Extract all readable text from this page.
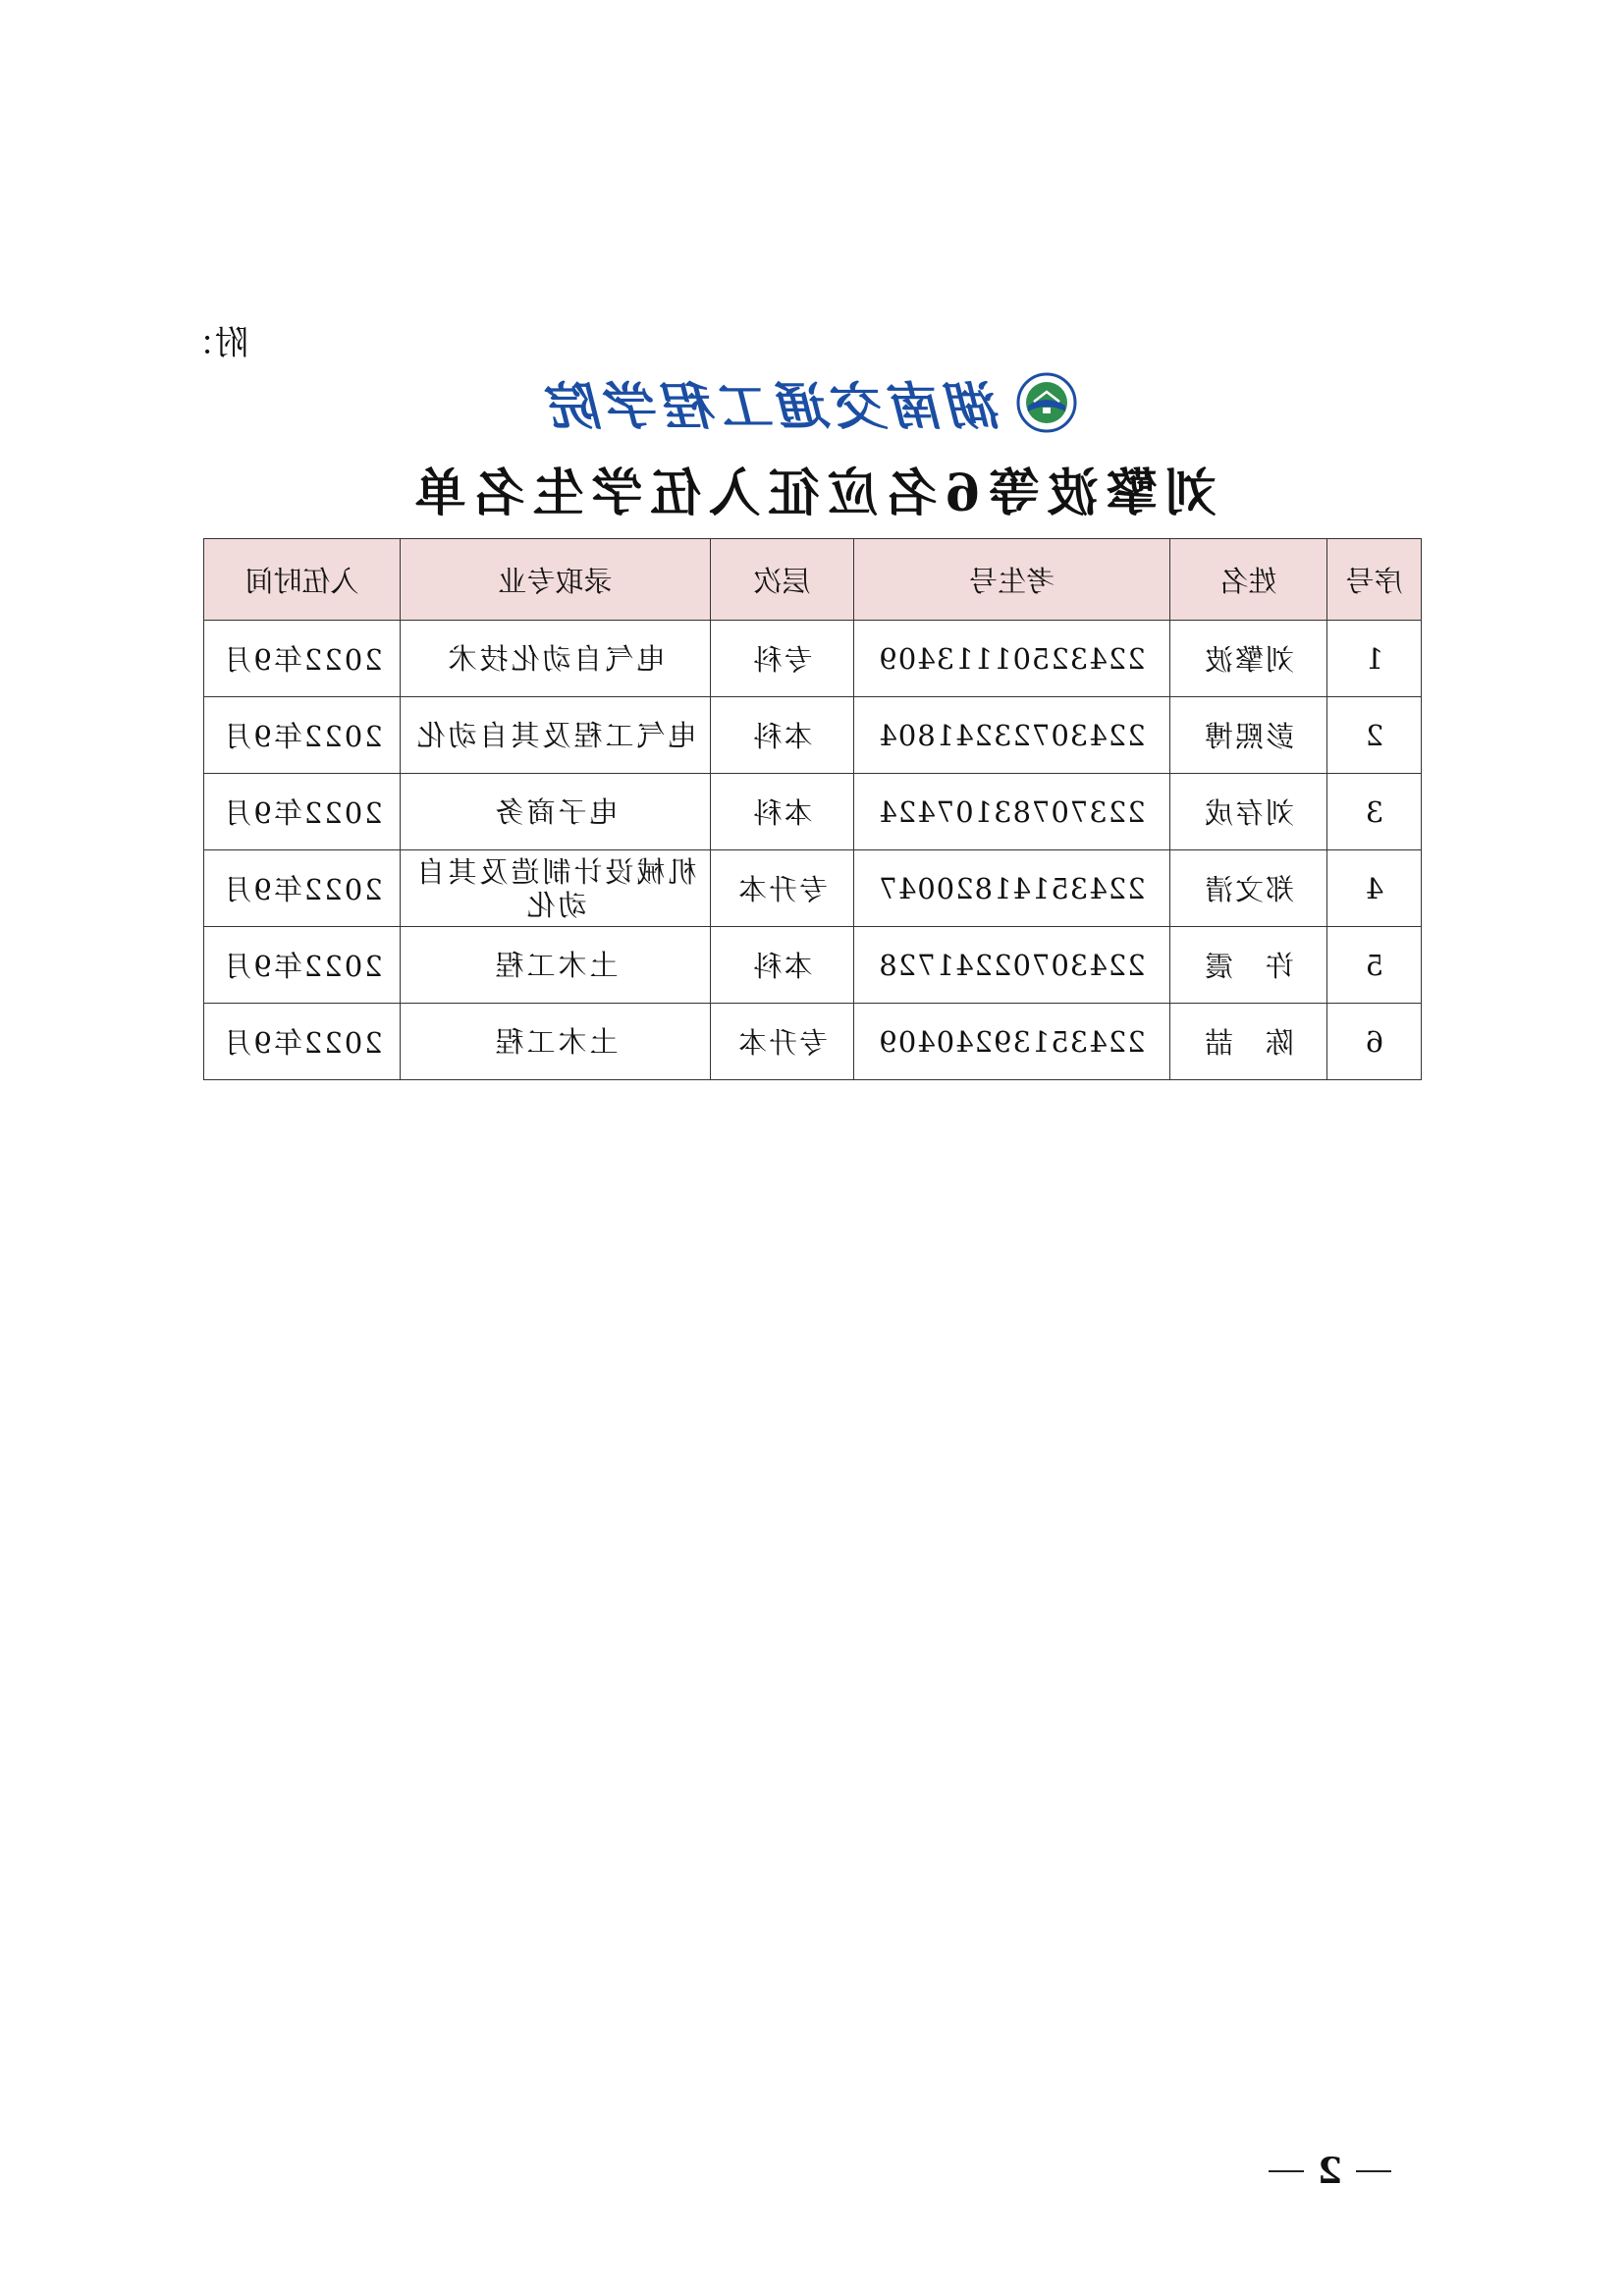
附：
湖南交通工程学院
刘擎波等6名应征入伍学生名单
序号	姓名	考生号	层次	录取专业	入伍时间
1	刘擎波	22432501113409	专科	电气自动化技术	2022年9月
2	彭熙博	22430723241804	本科	电气工程及其自动化	2022年9月
3	刘存成	22370783107424	本科	电子商务	2022年9月
4	郑文清	22435141820047	专升本	机械设计制造及其自动化	2022年9月
5	许　震	22430702241728	本科	土木工程	2022年9月
6	陈　喆	22435139240409	专升本	土木工程	2022年9月
2
